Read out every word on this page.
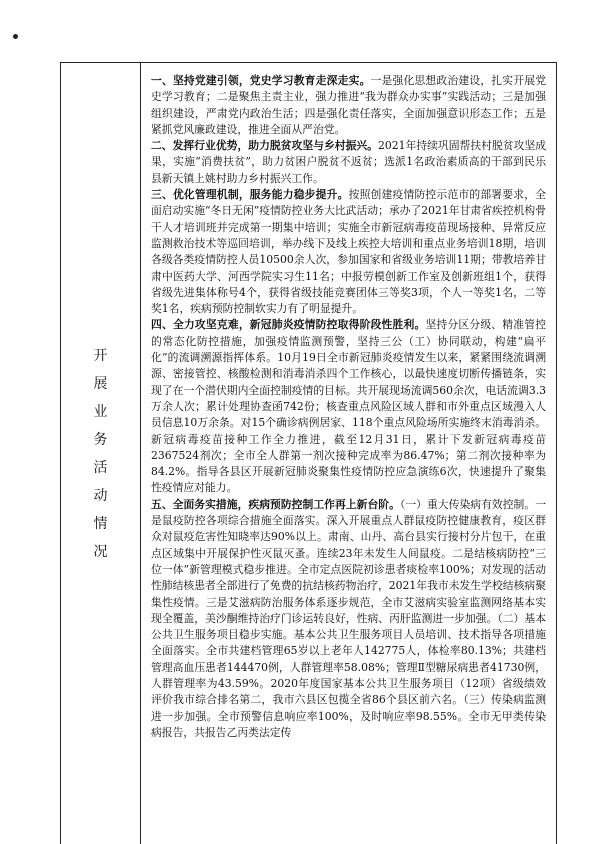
开
展
业
务
活
动
情
况

一、坚持党建引领，党史学习教育走深走实。一是强化思想政治建设，扎实开展党史学习教育；二是聚焦主责主业，强力推进“我为群众办实事”实践活动；三是加强组织建设，严肃党内政治生活；四是强化责任落实，全面加强意识形态工作；五是紧抓党风廉政建设，推进全面从严治党。

二、发挥行业优势，助力脱贫攻坚与乡村振兴。2021年持续巩固帮扶村脱贫攻坚成果，实施“消费扶贫”，助力贫困户脱贫不返贫；选派1名政治素质高的干部到民乐县新天镇上姚村助力乡村振兴工作。

三、优化管理机制，服务能力稳步提升。按照创建疫情防控示范市的部署要求，全面启动实施“冬日无闲”疫情防控业务大比武活动；承办了2021年甘肃省疾控机构骨干人才培训班并完成第一期集中培训；实施全市新冠病毒疫苗现场接种、异常反应监测救治技术等巡回培训，举办线下及线上疾控大培训和重点业务培训18期，培训各级各类疫情防控人员10500余人次，参加国家和省级业务培训11期；带教培养甘肃中医药大学、河西学院实习生11名；中报劳模创新工作室及创新班组1个，获得省级先进集体称号4个，获得省级技能竞赛团体三等奖3项，个人一等奖1名，二等奖1名，疾病预防控制软实力有了明显提升。

四、全力攻坚克难，新冠肺炎疫情防控取得阶段性胜利。坚持分区分级、精准管控的常态化防控措施，加强疫情监测预警，坚持三公（工）协同联动，构建“扁平化”的流调溯源指挥体系。10月19日全市新冠肺炎疫情发生以来，紧紧围绕流调溯源、密接管控、核酸检测和消毒消杀四个工作核心，以最快速度切断传播链条，实现了在一个潜伏期内全面控制疫情的目标。共开展现场流调560余次，电话流调3.3万余人次；累计处理协查函742份；核查重点风险区域人群和市外重点区域漫入人员信息10万余条。对15个确诊病例居家、118个重点风险场所实施终末消毒消杀。新冠病毒疫苗接种工作全力推进，截至12月31日，累计下发新冠病毒疫苗2367524剂次；全市全人群第一剂次接种完成率为86.47%；第二剂次接种率为84.2%。指导各县区开展新冠肺炎聚集性疫情防控应急演练6次，快速提升了聚集性疫情应对能力。

五、全面务实措施，疾病预防控制工作再上新台阶。（一）重大传染病有效控制。一是鼠疫防控各项综合措施全面落实。深入开展重点人群鼠疫防控健康教育，疫区群众对鼠疫危害性知晓率达90%以上。肃南、山丹、高台县实行接村分片包干，在重点区域集中开展保护性灭鼠灭蚤。连续23年未发生人间鼠疫。二是结核病防控“三位一体”新管理模式稳步推进。全市定点医院初诊患者痰检率100%；对发现的活动性肺结核患者全部进行了免费的抗结核药物治疗，2021年我市未发生学校结核病聚集性疫情。三是艾滋病防治服务体系逐步规范，全市艾滋病实验室监测网络基本实现全覆盖，美沙酮维持治疗门诊运转良好，性病、丙肝监测进一步加强。（二）基本公共卫生服务项目稳步实施。基本公共卫生服务项目人员培训、技术指导各项措施全面落实。全市共建档管理65岁以上老年人142775人，体检率80.13%；共建档管理高血压患者144470例，人群管理率58.08%；管理Ⅱ型糖尿病患者41730例，人群管理率为43.59%。2020年度国家基本公共卫生服务项目（12项）省级绩效评价我市综合排名第二，我市六县区包揽全省86个县区前六名。（三）传染病监测进一步加强。全市预警信息响应率100%，及时响应率98.55%。全市无甲类传染病报告，共报告乙丙类法定传
